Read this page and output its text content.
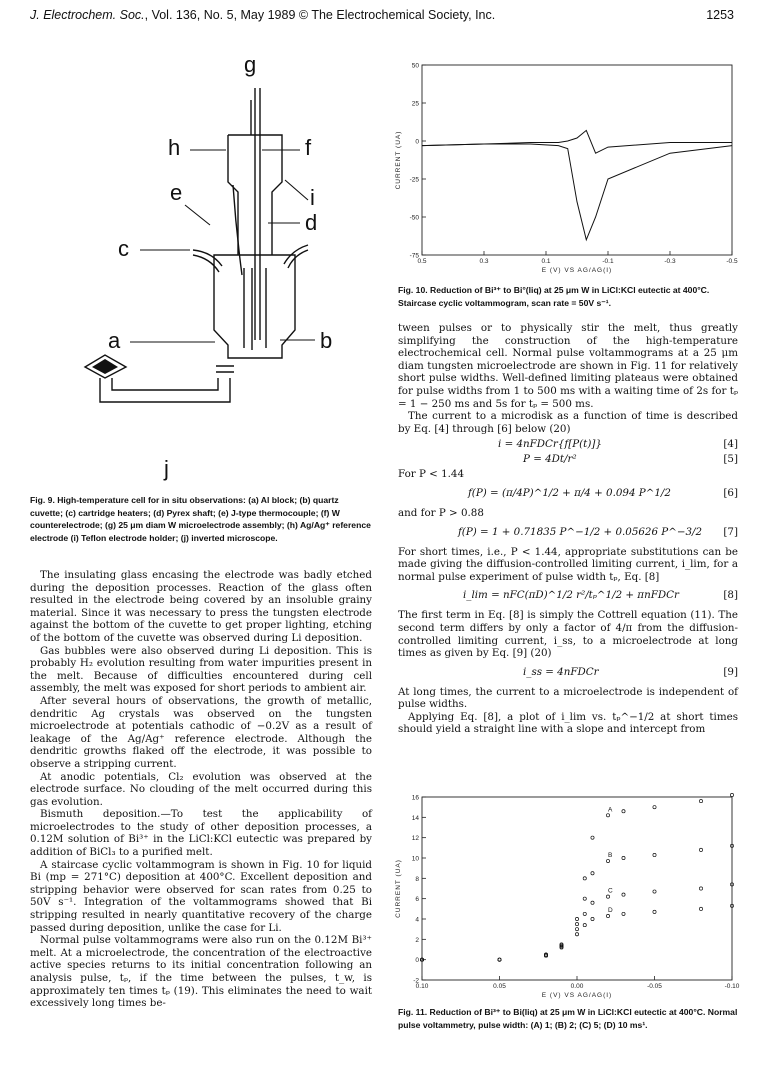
J. Electrochem. Soc., Vol. 136, No. 5, May 1989 © The Electrochemical Society, Inc.	1253
g
h	f
e	i
d
c
a	b
j
Fig. 9. High-temperature cell for in situ observations: (a) Al block; (b) quartz cuvette; (c) cartridge heaters; (d) Pyrex shaft; (e) J-type thermocouple; (f) W counterelectrode; (g) 25 μm diam W microelectrode assembly; (h) Ag/Ag⁺ reference electrode (i) Teflon electrode holder; (j) inverted microscope.

The insulating glass encasing the electrode was badly etched during the deposition processes. Reaction of the glass often resulted in the electrode being covered by an insoluble grainy material. Since it was necessary to press the tungsten electrode against the bottom of the cuvette to get proper lighting, etching of the bottom of the cuvette was observed during Li deposition.

Gas bubbles were also observed during Li deposition. This is probably H₂ evolution resulting from water impurities present in the melt. Because of difficulties encountered during cell assembly, the melt was exposed for short periods to ambient air.

After several hours of observations, the growth of metallic, dendritic Ag crystals was observed on the tungsten microelectrode at potentials cathodic of −0.2V as a result of leakage of the Ag/Ag⁺ reference electrode. Although the dendritic growths flaked off the electrode, it was possible to observe a stripping current.

At anodic potentials, Cl₂ evolution was observed at the electrode surface. No clouding of the melt occurred during this gas evolution.

Bismuth deposition.—To test the applicability of microelectrodes to the study of other deposition processes, a 0.12M solution of Bi³⁺ in the LiCl:KCl eutectic was prepared by addition of BiCl₃ to a purified melt.

A staircase cyclic voltammogram is shown in Fig. 10 for liquid Bi (mp = 271°C) deposition at 400°C. Excellent deposition and stripping behavior were observed for scan rates from 0.25 to 50V s⁻¹. Integration of the voltammograms showed that Bi stripping resulted in nearly quantitative recovery of the charge passed during deposition, unlike the case for Li.

Normal pulse voltammograms were also run on the 0.12M Bi³⁺ melt. At a microelectrode, the concentration of the electroactive active species returns to its initial concentration following an analysis pulse, tₚ, if the time between the pulses, t_w, is approximately ten times tₚ (19). This eliminates the need to wait excessively long times be-

0.5	0.3	0.1	-0.1	-0.3	-0.5
50
25
0
-25
-50
-75
E (V) VS AG/AG(I)
CURRENT (UA)
Fig. 10. Reduction of Bi³⁺ to Bi°(liq) at 25 μm W in LiCl:KCl eutectic at 400°C. Staircase cyclic voltammogram, scan rate = 50V s⁻¹.

tween pulses or to physically stir the melt, thus greatly simplifying the construction of the high-temperature electrochemical cell. Normal pulse voltammograms at a 25 μm diam tungsten microelectrode are shown in Fig. 11 for relatively short pulse widths. Well-defined limiting plateaus were obtained for pulse widths from 1 to 500 ms with a waiting time of 2s for tₚ = 1 − 250 ms and 5s for tₚ = 500 ms.

The current to a microdisk as a function of time is described by Eq. [4] through [6] below (20)

i = 4nFDCr{f[P(t)]}	[4]
P = 4Dt/r²	[5]

For P < 1.44

f(P) = (π/4P)^1/2 + π/4 + 0.094 P^1/2	[6]

and for P > 0.88

f(P) = 1 + 0.71835 P^−1/2 + 0.05626 P^−3/2 [7]

For short times, i.e., P < 1.44, appropriate substitutions can be made giving the diffusion-controlled limiting current, i_lim, for a normal pulse experiment of pulse width tₚ, Eq. [8]

i_lim = nFC(πD)^1/2 r²/tₚ^1/2 + πnFDCr	[8]

The first term in Eq. [8] is simply the Cottrell equation (11). The second term differs by only a factor of 4/π from the diffusion-controlled limiting current, i_ss, to a microelectrode at long times as given by Eq. [9] (20)

i_ss = 4nFDCr	[9]

At long times, the current to a microelectrode is independent of pulse widths.

Applying Eq. [8], a plot of i_lim vs. tₚ^−1/2 at short times should yield a straight line with a slope and intercept from

0.10	0.05	0.00	-0.05	-0.10
16
14
12
10
8
6
4
2
0
-2
E (V) VS AG/AG(I)
CURRENT (UA)
A
B
C
D
Fig. 11. Reduction of Bi³⁺ to Bi(liq) at 25 μm W in LiCl:KCl eutectic at 400°C. Normal pulse voltammetry, pulse width: (A) 1; (B) 2; (C) 5; (D) 10 ms¹.
